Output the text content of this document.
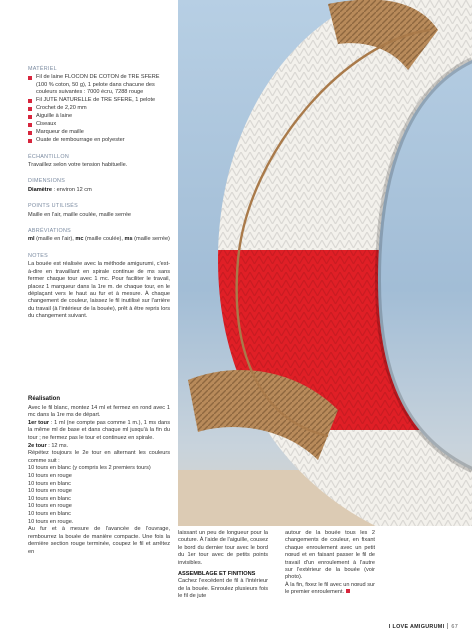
MATÉRIEL
Fil de laine FLOCON DE COTON de TRE SFERE (100 % coton, 50 g), 1 pelote dans chacune des couleurs suivantes : 7000 écru, 7288 rouge
Fil JUTE NATURELLE de TRE SFERE, 1 pelote
Crochet de 2,20 mm
Aiguille à laine
Ciseaux
Marqueur de maille
Ouate de rembourrage en polyester
ÉCHANTILLON
Travaillez selon votre tension habituelle.
DIMENSIONS
Diamètre : environ 12 cm
POINTS UTILISÉS
Maille en l'air, maille coulée, maille serrée
ABRÉVIATIONS
ml (maille en l'air), mc (maille coulée), ms (maille serrée)
NOTES
La bouée est réalisée avec la méthode amigurumi, c'est-à-dire en travaillant en spirale continue de ms sans fermer chaque tour avec 1 mc. Pour faciliter le travail, placez 1 marqueur dans la 1re m. de chaque tour, en le déplaçant vers le haut au fur et à mesure. À chaque changement de couleur, laissez le fil inutilisé sur l'arrière du travail (à l'intérieur de la bouée), prêt à être repris lors du changement suivant.
Réalisation
Avec le fil blanc, montez 14 ml et fermez en rond avec 1 mc dans la 1re ms de départ.
1er tour : 1 ml (ne compte pas comme 1 m.), 1 ms dans la même ml de base et dans chaque ml jusqu'à la fin du tour ; ne fermez pas le tour et continuez en spirale.
2e tour : 12 ms.
Répétez toujours le 2e tour en alternant les couleurs comme suit :
10 tours en blanc (y compris les 2 premiers tours)
10 tours en rouge
10 tours en blanc
10 tours en rouge
10 tours en blanc
10 tours en rouge
10 tours en blanc
10 tours en rouge.
Au fur et à mesure de l'avancée de l'ouvrage, rembourrez la bouée de manière compacte. Une fois la dernière section rouge terminée, coupez le fil et arrêtez en
laissant un peu de longueur pour la couture. À l'aide de l'aiguille, cousez le bord du dernier tour avec le bord du 1er tour avec de petits points invisibles.
ASSEMBLAGE ET FINITIONS
Cachez l'excédent de fil à l'intérieur de la bouée. Enroulez plusieurs fois le fil de jute
autour de la bouée tous les 2 changements de couleur, en fixant chaque enroulement avec un petit nœud et en faisant passer le fil de travail d'un enroulement à l'autre sur l'extérieur de la bouée (voir photo).
À la fin, fixez le fil avec un nœud sur le premier enroulement.
I LOVE AMIGURUMI 67
